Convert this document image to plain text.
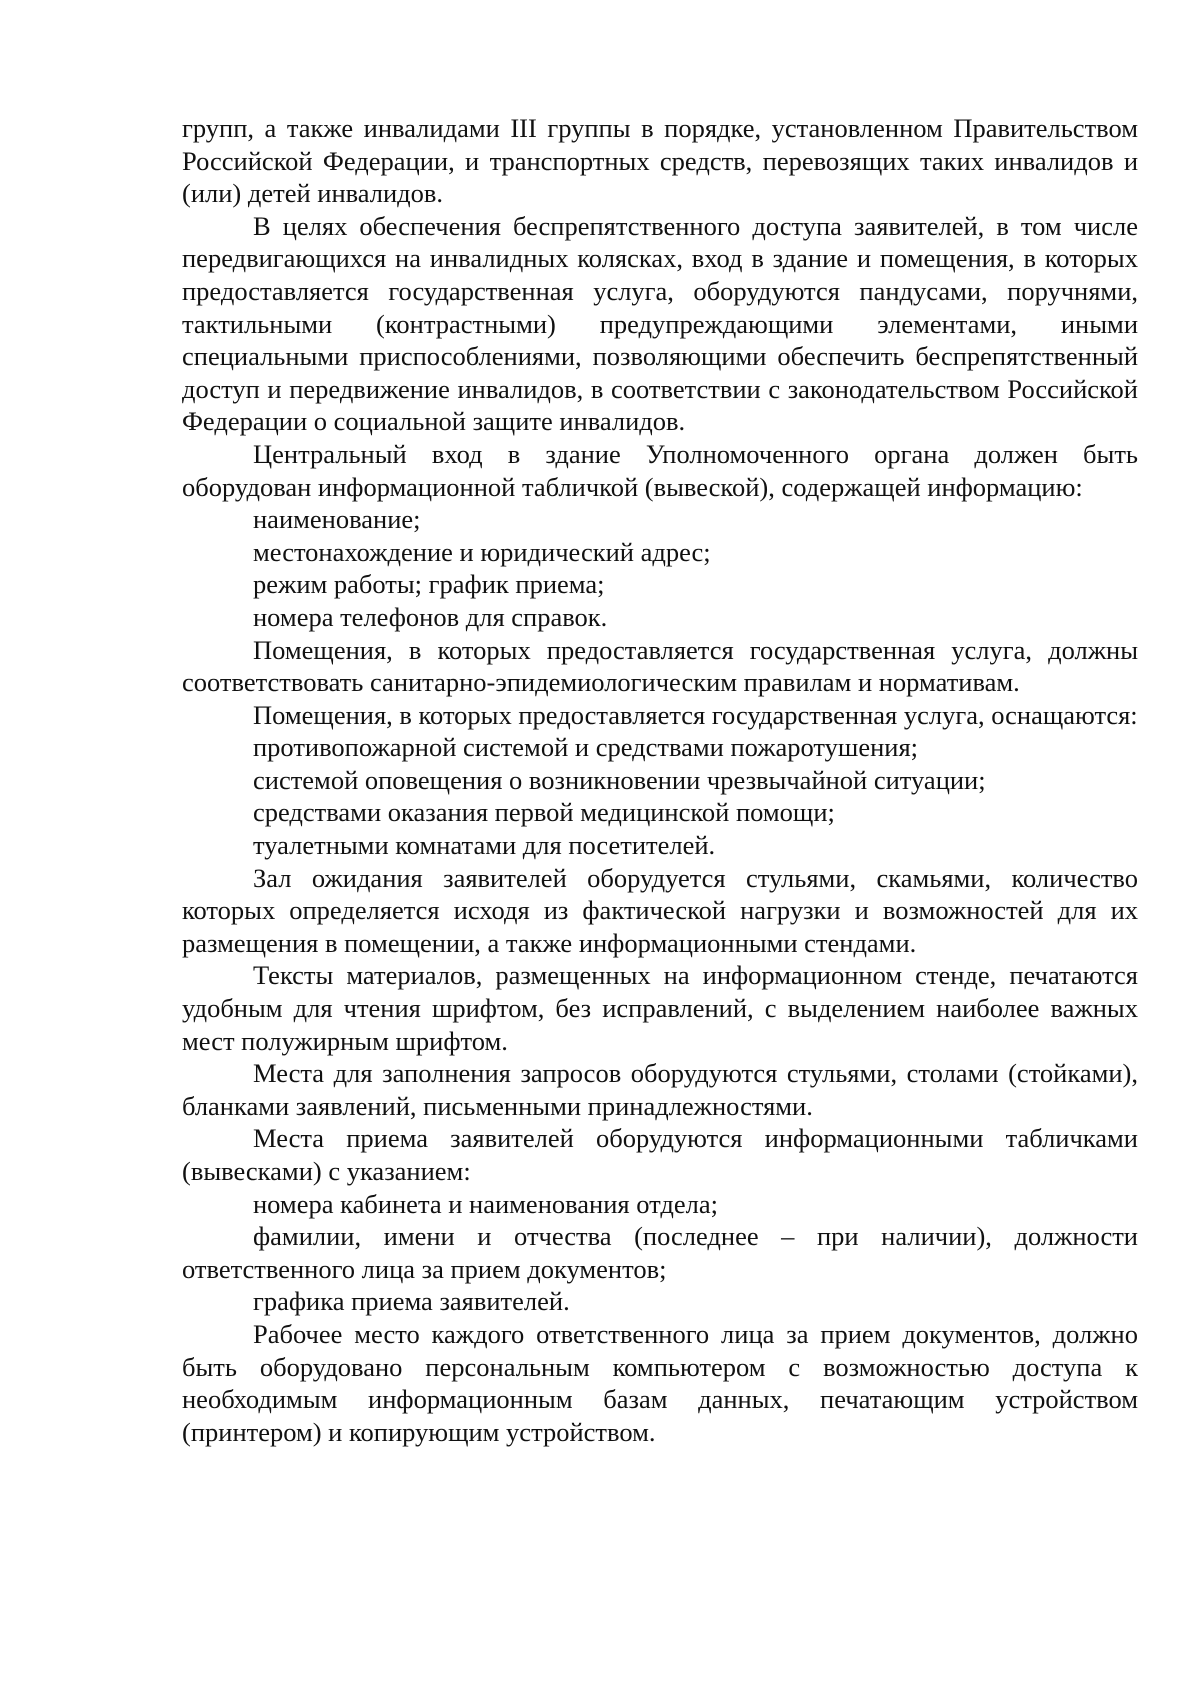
групп, а также инвалидами III группы в порядке, установленном Правительством Российской Федерации, и транспортных средств, перевозящих таких инвалидов и (или) детей инвалидов.

В целях обеспечения беспрепятственного доступа заявителей, в том числе передвигающихся на инвалидных колясках, вход в здание и помещения, в которых предоставляется государственная услуга, оборудуются пандусами, поручнями, тактильными (контрастными) предупреждающими элементами, иными специальными приспособлениями, позволяющими обеспечить беспрепятственный доступ и передвижение инвалидов, в соответствии с законодательством Российской Федерации о социальной защите инвалидов.

Центральный вход в здание Уполномоченного органа должен быть оборудован информационной табличкой (вывеской), содержащей информацию:

наименование;

местонахождение и юридический адрес;

режим работы; график приема;

номера телефонов для справок.

Помещения, в которых предоставляется государственная услуга, должны соответствовать санитарно-эпидемиологическим правилам и нормативам.

Помещения, в которых предоставляется государственная услуга, оснащаются:

противопожарной системой и средствами пожаротушения;

системой оповещения о возникновении чрезвычайной ситуации;

средствами оказания первой медицинской помощи;

туалетными комнатами для посетителей.

Зал ожидания заявителей оборудуется стульями, скамьями, количество которых определяется исходя из фактической нагрузки и возможностей для их размещения в помещении, а также информационными стендами.

Тексты материалов, размещенных на информационном стенде, печатаются удобным для чтения шрифтом, без исправлений, с выделением наиболее важных мест полужирным шрифтом.

Места для заполнения запросов оборудуются стульями, столами (стойками), бланками заявлений, письменными принадлежностями.

Места приема заявителей оборудуются информационными табличками (вывесками) с указанием:

номера кабинета и наименования отдела;

фамилии, имени и отчества (последнее – при наличии), должности ответственного лица за прием документов;

графика приема заявителей.

Рабочее место каждого ответственного лица за прием документов, должно быть оборудовано персональным компьютером с возможностью доступа к необходимым информационным базам данных, печатающим устройством (принтером) и копирующим устройством.
